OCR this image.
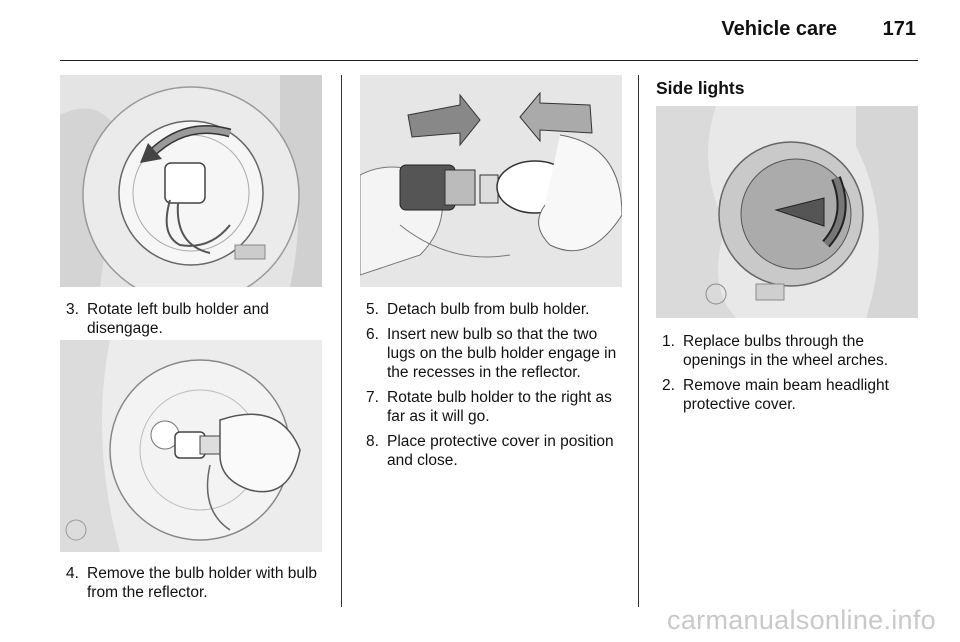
Vehicle care 171
3. Rotate left bulb holder and disengage.
4. Remove the bulb holder with bulb from the reflector.
5. Detach bulb from bulb holder.
6. Insert new bulb so that the two lugs on the bulb holder engage in the recesses in the reflector.
7. Rotate bulb holder to the right as far as it will go.
8. Place protective cover in position and close.
Side lights
1. Replace bulbs through the openings in the wheel arches.
2. Remove main beam headlight protective cover.
carmanualsonline.info
